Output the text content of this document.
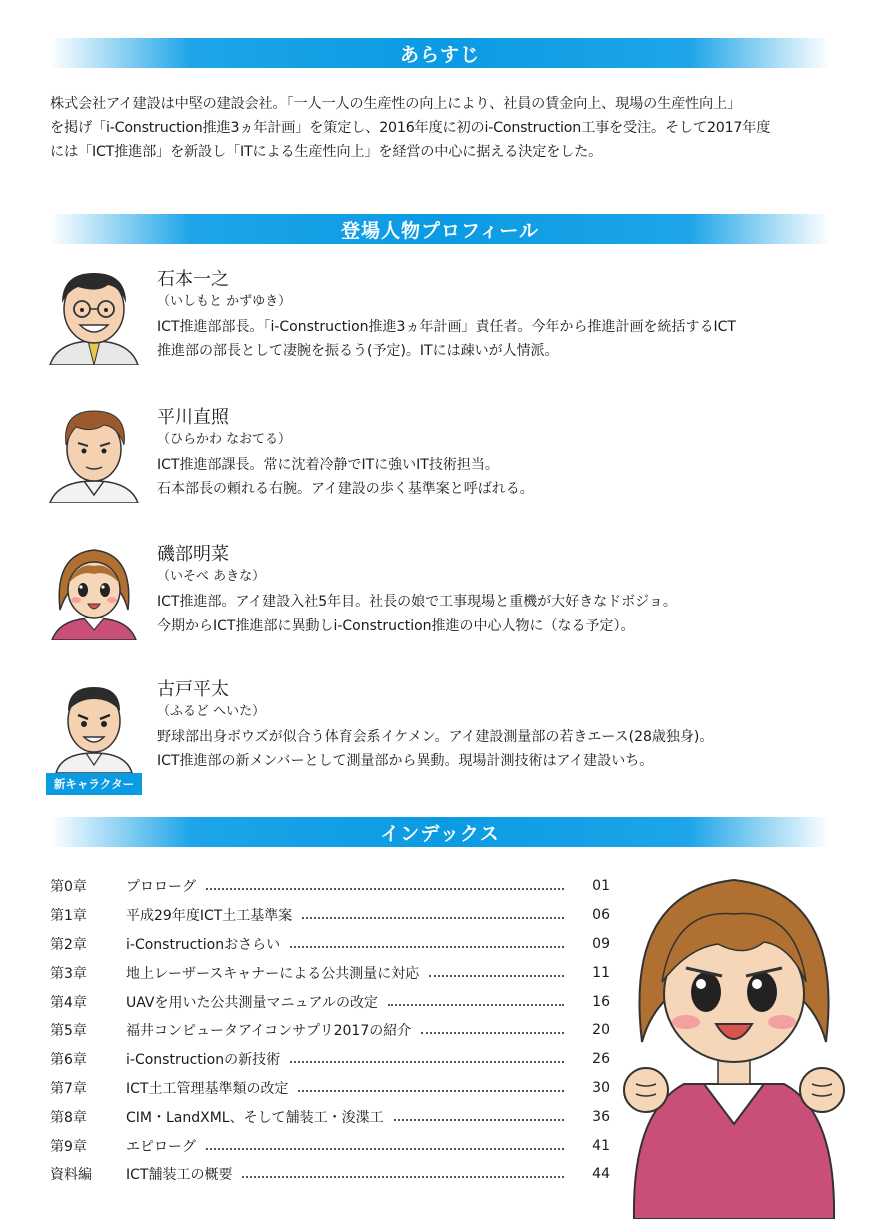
あらすじ
株式会社アイ建設は中堅の建設会社。「一人一人の生産性の向上により、社員の賃金向上、現場の生産性向上」
を掲げ「i-Construction推進3ヵ年計画」を策定し、2016年度に初のi-Construction工事を受注。そして2017年度
には「ICT推進部」を新設し「ITによる生産性向上」を経営の中心に据える決定をした。
登場人物プロフィール
石本一之
（いしもと かずゆき）
ICT推進部部長。「i-Construction推進3ヵ年計画」責任者。今年から推進計画を統括するICT
推進部の部長として凄腕を振るう(予定)。ITには疎いが人情派。
平川直照
（ひらかわ なおてる）
ICT推進部課長。常に沈着冷静でITに強いIT技術担当。
石本部長の頼れる右腕。アイ建設の歩く基準案と呼ばれる。
磯部明菜
（いそべ あきな）
ICT推進部。アイ建設入社5年目。社長の娘で工事現場と重機が大好きなドボジョ。
今期からICT推進部に異動しi-Construction推進の中心人物に（なる予定）。
新キャラクター
古戸平太
（ふるど へいた）
野球部出身ボウズが似合う体育会系イケメン。アイ建設測量部の若きエース(28歳独身)。
ICT推進部の新メンバーとして測量部から異動。現場計測技術はアイ建設いち。
インデックス
第0章	プロローグ	01
第1章	平成29年度ICT土工基準案	06
第2章	i-Constructionおさらい	09
第3章	地上レーザースキャナーによる公共測量に対応	11
第4章	UAVを用いた公共測量マニュアルの改定	16
第5章	福井コンピュータアイコンサプリ2017の紹介	20
第6章	i-Constructionの新技術	26
第7章	ICT土工管理基準類の改定	30
第8章	CIM・LandXML、そして舗装工・浚渫工	36
第9章	エピローグ	41
資料編	ICT舗装工の概要	44
